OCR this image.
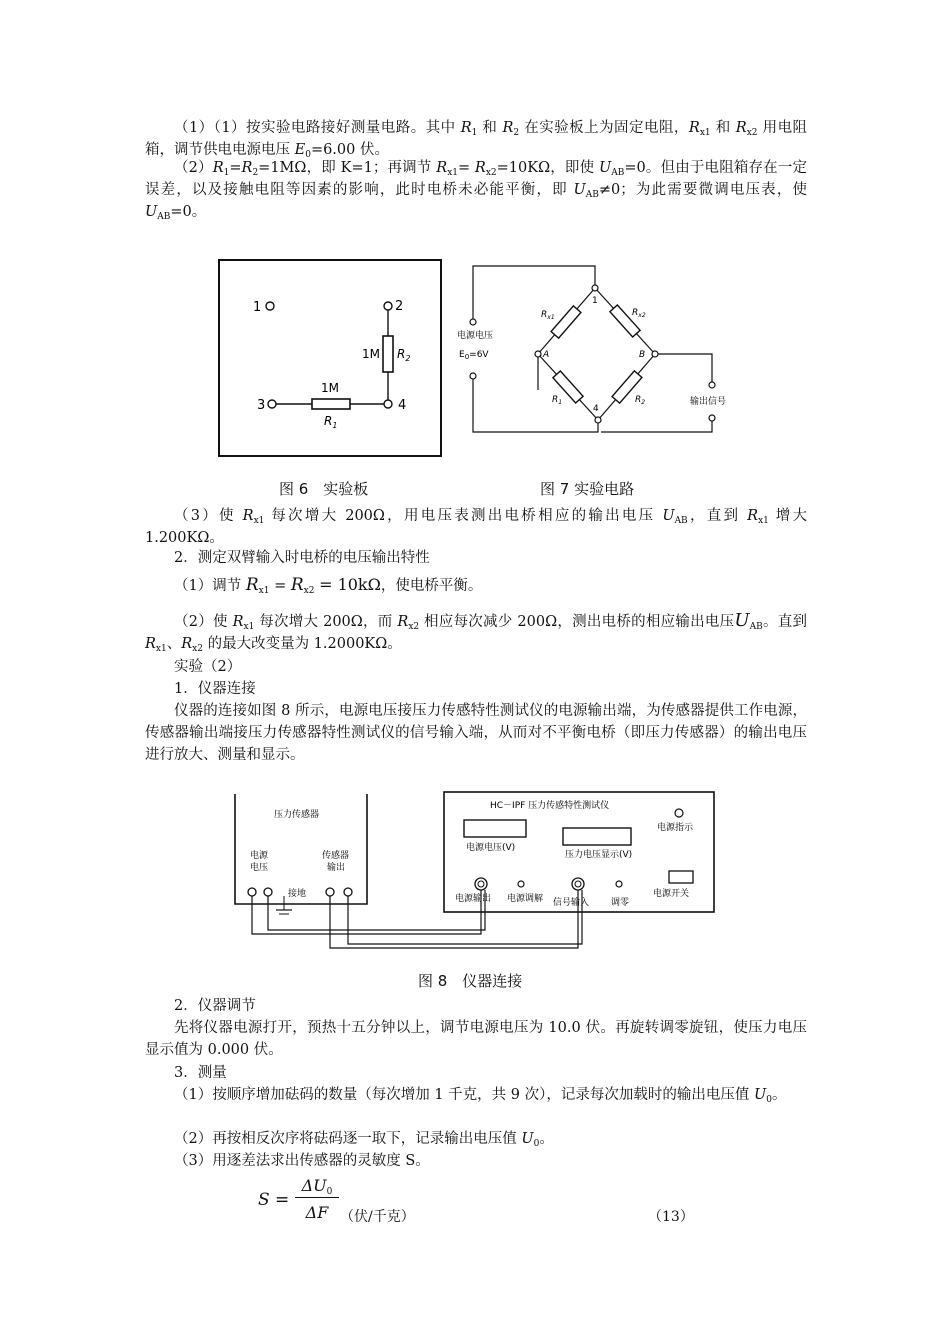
（1）（1）按实验电路接好测量电路。其中 $R_1$ 和 $R_2$ 在实验板上为固定电阻，$R_{x1}$ 和 $R_{x2}$ 用电阻箱，调节供电电源电压 $E_0=6.00$ 伏。
$(2)R_1=R_2=1M\Omega$，即 K=1；再调节 $R_{x1}= R_{x2}=10K\Omega$，即使 $U_{AB}=0$。但由于电阻箱存在一定误差，以及接触电阻等因素的影响，此时电桥未必能平衡，即 $U_{AB}\ne 0$；为此需要微调电压表，使 $U_{AB}=0$。
1	2
4
3
1M $R_2$
1M
$R_1$
电源电压
$E_0=6V$
1
4
A	B
$R_{x1}$	$R_{x2}$
$R_1$	$R_2$	输出信号
图 6　实验板	图 7 实验电路
（3）使 $R_{x1}$ 每次增大 200Ω，用电压表测出电桥相应的输出电压 $U_{AB}$，直到 $R_{x1}$ 增大 1.200KΩ。
2．测定双臂输入时电桥的电压输出特性
（1）调节 $R_{x1} = R_{x2} = 10k\Omega$，使电桥平衡。
（2）使 $R_{x1}$ 每次增大 200Ω，而 $R_{x2}$ 相应每次减少 200Ω，测出电桥的相应输出电压$U_{AB}$。直到 $R_{x1}$、$R_{x2}$ 的最大改变量为 1.2000KΩ。
实验（2）
1．仪器连接
仪器的连接如图 8 所示，电源电压接压力传感特性测试仪的电源输出端，为传感器提供工作电源，传感器输出端接压力传感器特性测试仪的信号输入端，从而对不平衡电桥（即压力传感器）的输出电压进行放大、测量和显示。
压力传感器
电源
电压
传感器
输出
接地
HC－IPF 压力传感特性测试仪
电源指示
电源电压(V)
压力电压显示(V)
电源输出 电源调解 信号输入 调零
电源开关
图 8　仪器连接
2．仪器调节
先将仪器电源打开，预热十五分钟以上，调节电源电压为 10.0 伏。再旋转调零旋钮，使压力电压显示值为 0.000 伏。
3．测量
（1）按顺序增加砝码的数量（每次增加 1 千克，共 9 次），记录每次加载时的输出电压值 $U_0$。
（2）再按相反次序将砝码逐一取下，记录输出电压值 $U_0$。
（3）用逐差法求出传感器的灵敏度 S。
S =
$\Delta U_0$
ΔF （伏/千克）	（13）
